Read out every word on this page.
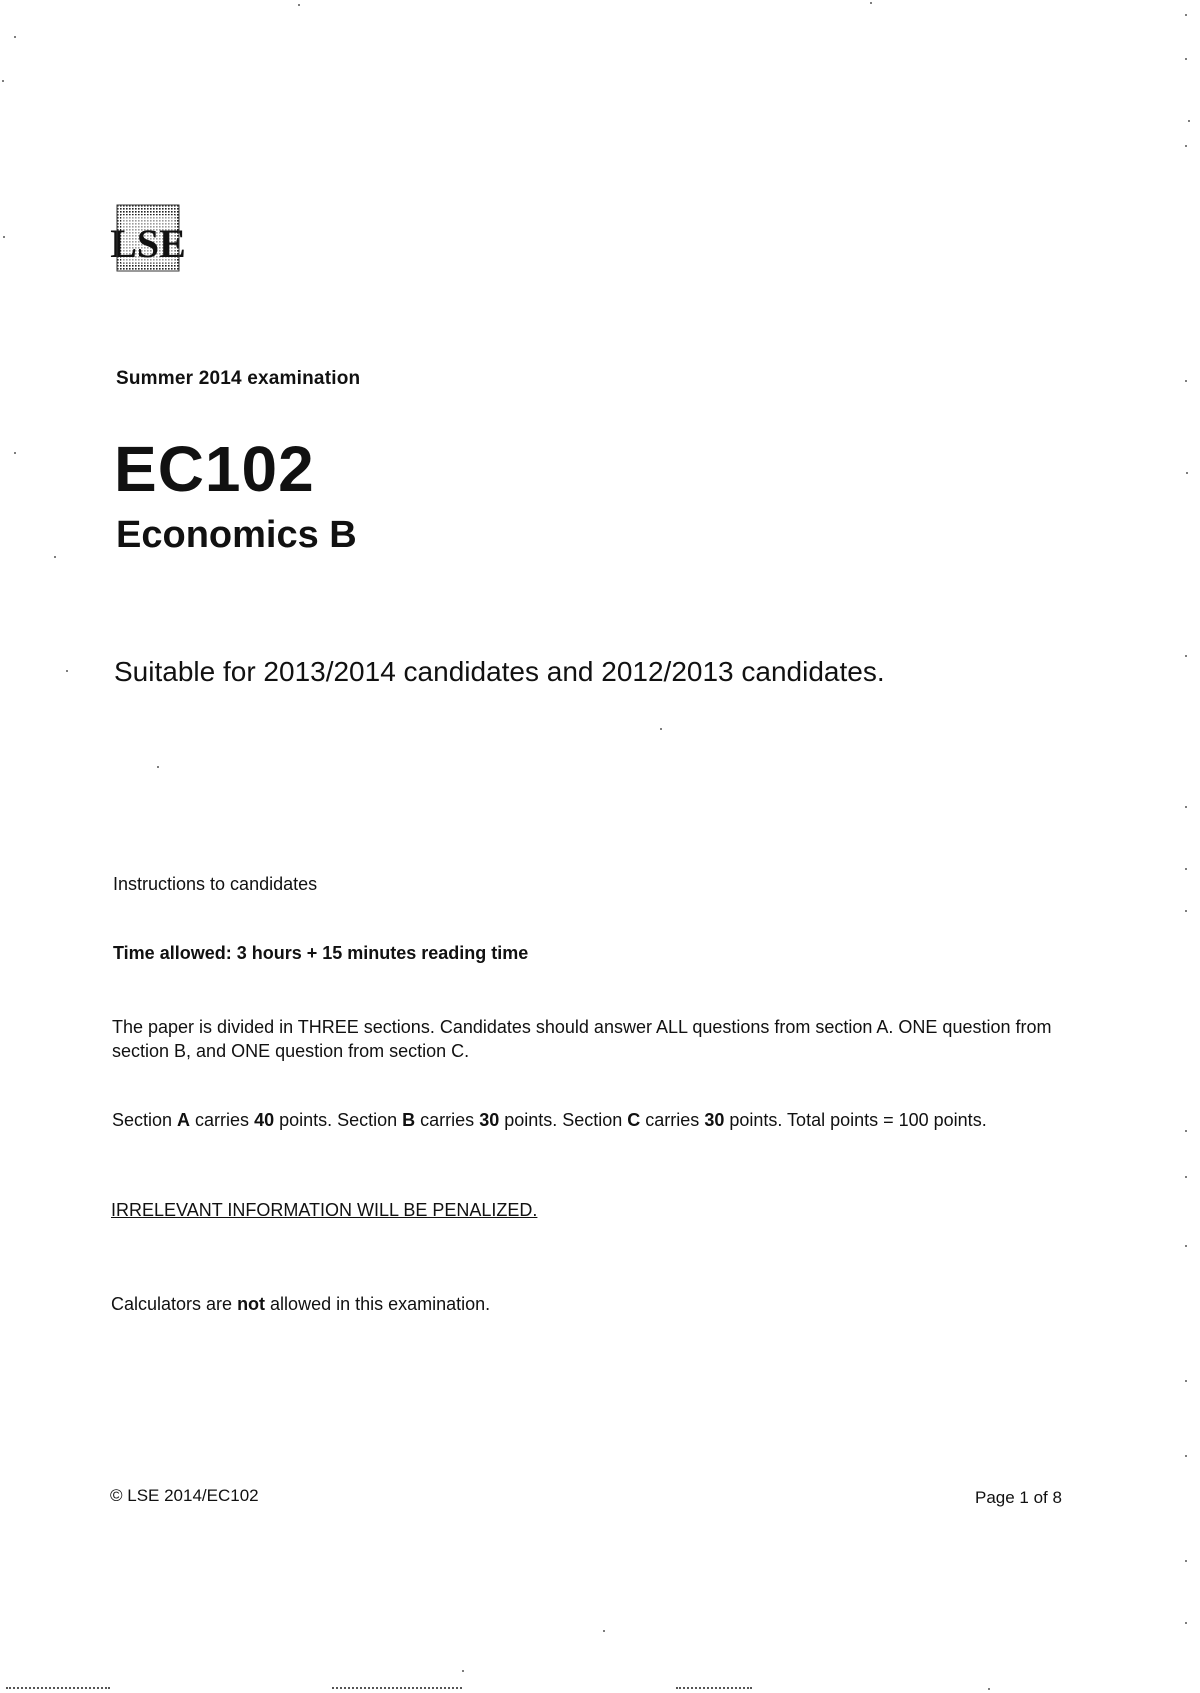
LSE
Summer 2014 examination
EC102
Economics B
Suitable for 2013/2014 candidates and 2012/2013 candidates.
Instructions to candidates
Time allowed: 3 hours + 15 minutes reading time
The paper is divided in THREE sections. Candidates should answer ALL questions from section A. ONE question from section B, and ONE question from section C.
Section A carries 40 points. Section B carries 30 points. Section C carries 30 points. Total points = 100 points.
IRRELEVANT INFORMATION WILL BE PENALIZED.
Calculators are not allowed in this examination.
© LSE 2014/EC102	Page 1 of 8
